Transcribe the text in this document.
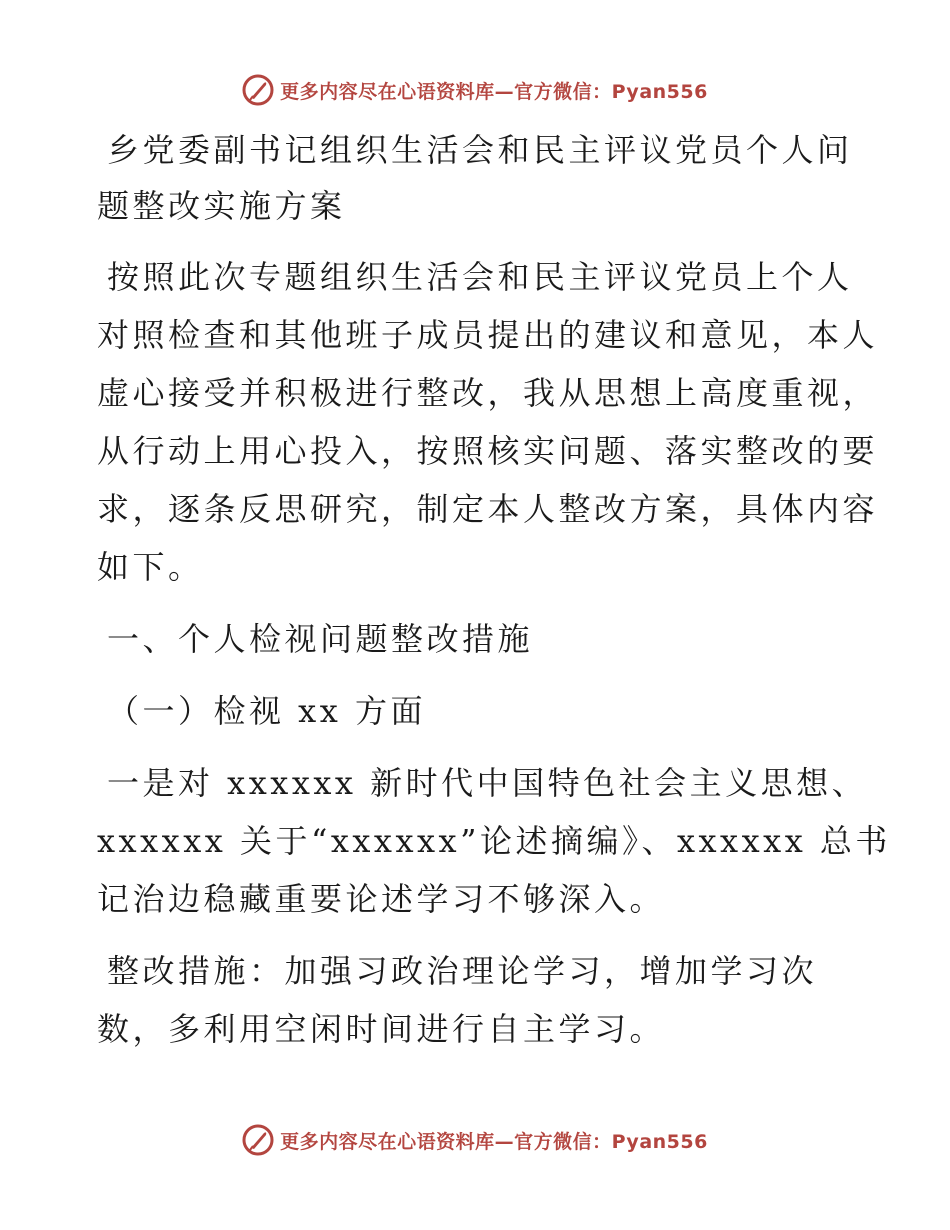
更多内容尽在心语资料库—官方微信：Pyan556
乡党委副书记组织生活会和民主评议党员个人问
题整改实施方案
按照此次专题组织生活会和民主评议党员上个人
对照检查和其他班子成员提出的建议和意见，本人
虚心接受并积极进行整改，我从思想上高度重视，
从行动上用心投入，按照核实问题、落实整改的要
求，逐条反思研究，制定本人整改方案，具体内容
如下。
一、个人检视问题整改措施
（一）检视 xx 方面
一是对 xxxxxx 新时代中国特色社会主义思想、
xxxxxx 关于“xxxxxx”论述摘编》、xxxxxx 总书
记治边稳藏重要论述学习不够深入。
整改措施：加强习政治理论学习，增加学习次
数，多利用空闲时间进行自主学习。
更多内容尽在心语资料库—官方微信：Pyan556
